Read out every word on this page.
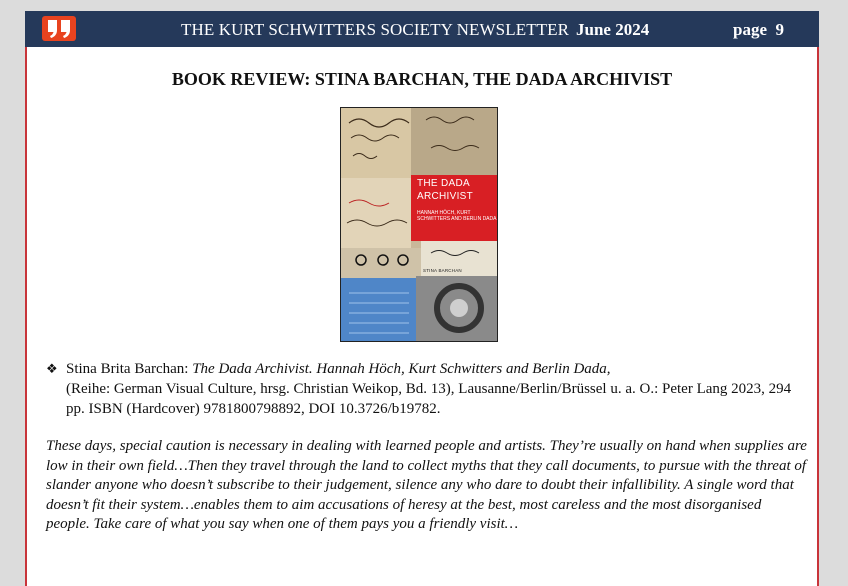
THE KURT SCHWITTERS SOCIETY NEWSLETTER June 2024	page  9
BOOK REVIEW: STINA BARCHAN, THE DADA ARCHIVIST
THE DADA
ARCHIVIST
HANNAH HÖCH, KURT SCHWITTERS AND BERLIN DADA
STINA BARCHAN
❖ Stina Brita Barchan: The Dada Archivist. Hannah Höch, Kurt Schwitters and Berlin Dada,
(Reihe: German Visual Culture, hrsg. Christian Weikop, Bd. 13), Lausanne/Berlin/Brüssel u. a. O.: Peter Lang 2023, 294 pp. ISBN (Hardcover) 9781800798892, DOI 10.3726/b19782.
These days, special caution is necessary in dealing with learned people and artists. They’re usually on hand when supplies are low in their own field…Then they travel through the land to collect myths that they call documents, to pursue with the threat of slander anyone who doesn’t subscribe to their judgement, silence any who dare to doubt their infallibility. A single word that doesn’t fit their system…enables them to aim accusations of heresy at the best, most careless and the most disorganised people. Take care of what you say when one of them pays you a friendly visit…
